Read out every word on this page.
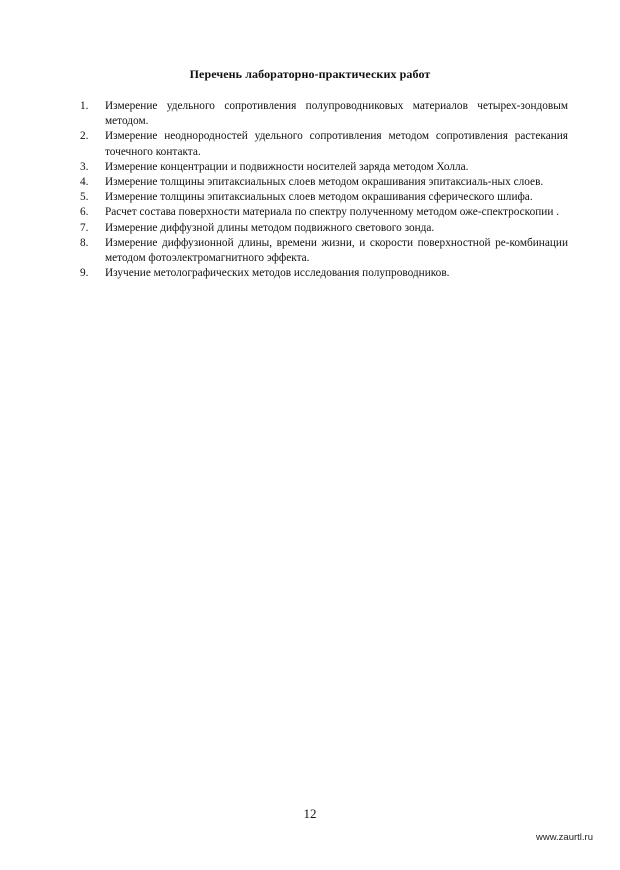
Перечень лабораторно-практических работ
1. Измерение удельного сопротивления полупроводниковых материалов четырех-зондовым методом.
2. Измерение неоднородностей удельного сопротивления методом сопротивления растекания точечного контакта.
3. Измерение концентрации и подвижности носителей заряда методом Холла.
4. Измерение толщины эпитаксиальных слоев методом окрашивания эпитаксиаль-ных слоев.
5. Измерение толщины эпитаксиальных слоев методом окрашивания сферического шлифа.
6. Расчет состава поверхности материала по спектру полученному методом оже-спектроскопии .
7. Измерение диффузной длины методом подвижного светового зонда.
8. Измерение диффузионной длины, времени жизни, и скорости поверхностной ре-комбинации методом фотоэлектромагнитного эффекта.
9. Изучение метолографических методов исследования полупроводников.
12
www.zaurtl.ru
